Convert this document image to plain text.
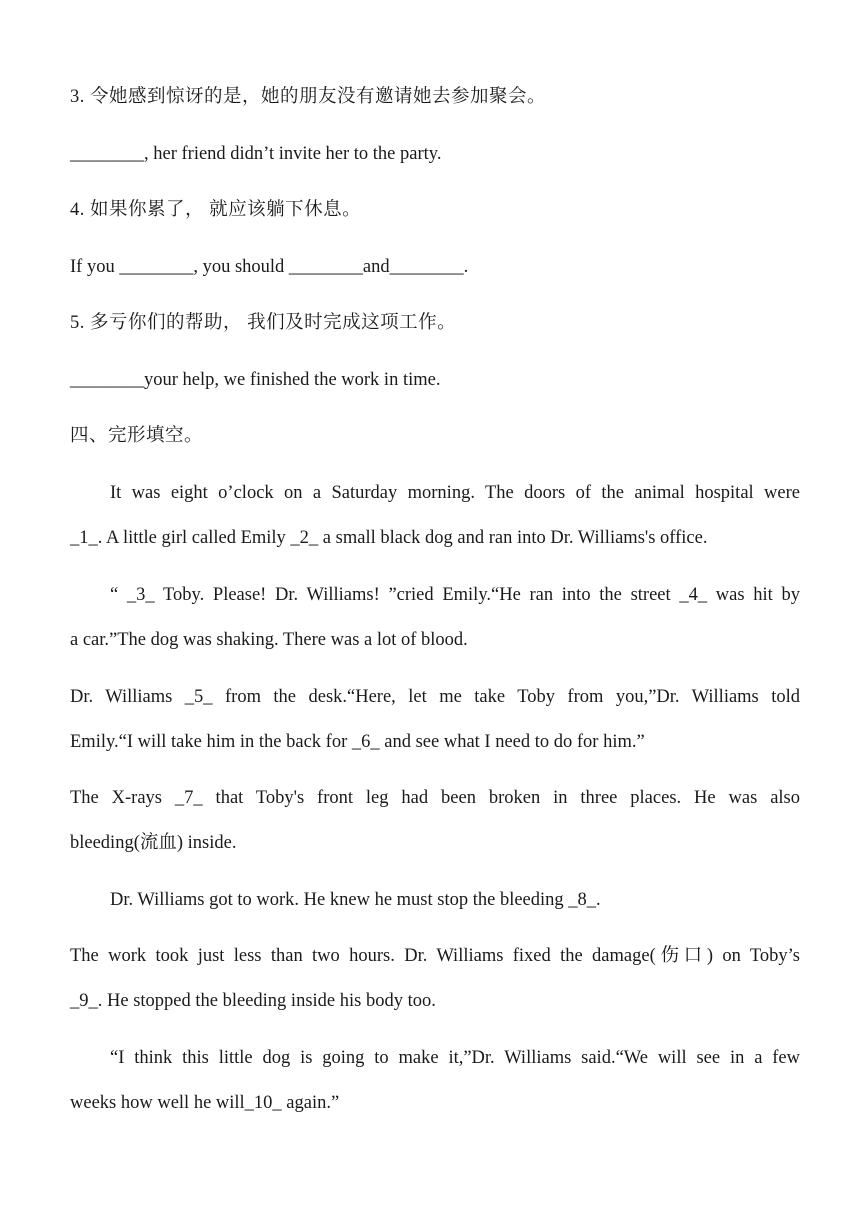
3. 令她感到惊讶的是，她的朋友没有邀请她去参加聚会。

________, her friend didn’t invite her to the party.

4. 如果你累了， 就应该躺下休息。

If you ________, you should ________and________.

5. 多亏你们的帮助， 我们及时完成这项工作。

________your help, we finished the work in time.

四、完形填空。

It was eight o’clock on a Saturday morning. The doors of the animal hospital were

_1_. A little girl called Emily _2_ a small black dog and ran into Dr. Williams's office.

“ _3_ Toby. Please! Dr. Williams! ”cried Emily.“He ran into the street _4_ was hit by

a car.”The dog was shaking. There was a lot of blood.

Dr. Williams _5_ from the desk.“Here, let me take Toby from you,”Dr. Williams told

Emily.“I will take him in the back for _6_ and see what I need to do for him.”

The X-rays _7_ that Toby's front leg had been broken in three places. He was also

bleeding(流血) inside.

Dr. Williams got to work. He knew he must stop the bleeding _8_.

The work took just less than two hours. Dr. Williams fixed the damage(伤口) on Toby’s

_9_. He stopped the bleeding inside his body too.

“I think this little dog is going to make it,”Dr. Williams said.“We will see in a few

weeks how well he will_10_ again.”
